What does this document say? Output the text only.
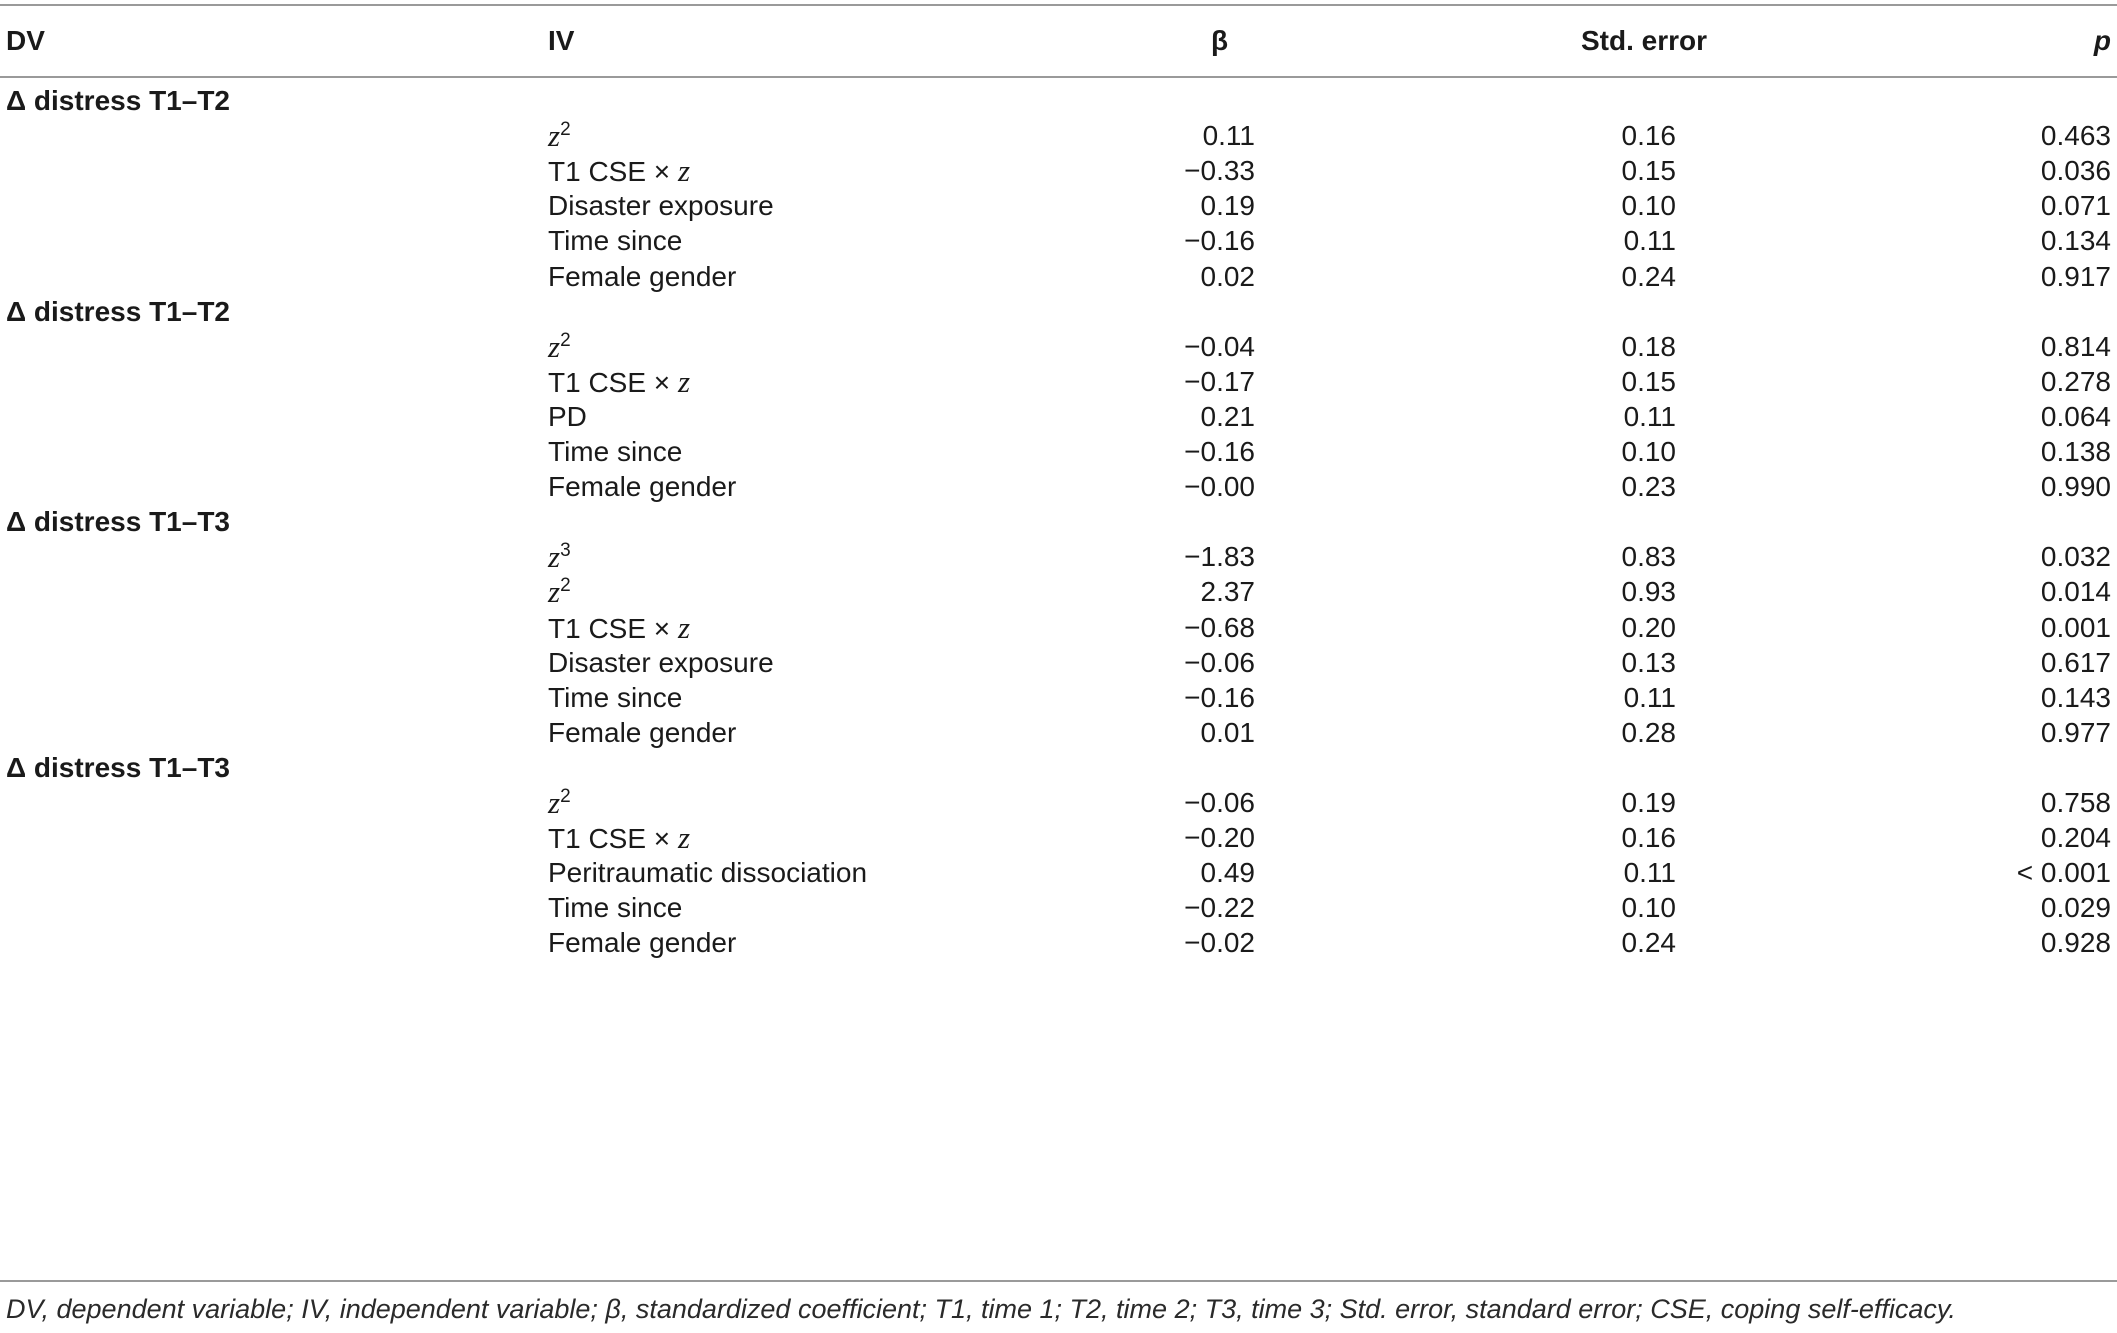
DV	IV	β	Std. error	p
Δ distress T1–T2
$z^2$	0.11	0.16	0.463
T1 CSE × z	−0.33	0.15	0.036
Disaster exposure	0.19	0.10	0.071
Time since	−0.16	0.11	0.134
Female gender	0.02	0.24	0.917
Δ distress T1–T2
$z^2$	−0.04	0.18	0.814
T1 CSE × z	−0.17	0.15	0.278
PD	0.21	0.11	0.064
Time since	−0.16	0.10	0.138
Female gender	−0.00	0.23	0.990
Δ distress T1–T3
$z^3$	−1.83	0.83	0.032
$z^2$	2.37	0.93	0.014
T1 CSE × z	−0.68	0.20	0.001
Disaster exposure	−0.06	0.13	0.617
Time since	−0.16	0.11	0.143
Female gender	0.01	0.28	0.977
Δ distress T1–T3
$z^2$	−0.06	0.19	0.758
T1 CSE × z	−0.20	0.16	0.204
Peritraumatic dissociation	0.49	0.11	< 0.001
Time since	−0.22	0.10	0.029
Female gender	−0.02	0.24	0.928
DV, dependent variable; IV, independent variable; β, standardized coefficient; T1, time 1; T2, time 2; T3, time 3; Std. error, standard error; CSE, coping self-efficacy.
